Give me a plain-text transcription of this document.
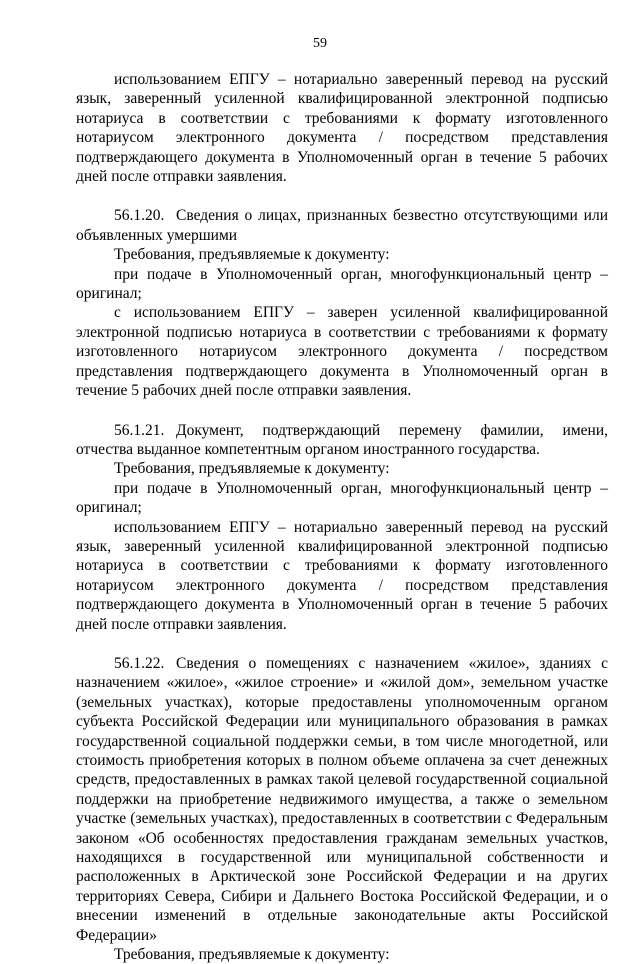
59

использованием ЕПГУ – нотариально заверенный перевод на русский язык, заверенный усиленной квалифицированной электронной подписью нотариуса в соответствии с требованиями к формату изготовленного нотариусом электронного документа / посредством представления подтверждающего документа в Уполномоченный орган в течение 5 рабочих дней после отправки заявления.

56.1.20. Сведения о лицах, признанных безвестно отсутствующими или объявленных умершими

Требования, предъявляемые к документу:

при подаче в Уполномоченный орган, многофункциональный центр – оригинал;

с использованием ЕПГУ – заверен усиленной квалифицированной электронной подписью нотариуса в соответствии с требованиями к формату изготовленного нотариусом электронного документа / посредством представления подтверждающего документа в Уполномоченный орган в течение 5 рабочих дней после отправки заявления.

56.1.21. Документ, подтверждающий перемену фамилии, имени, отчества выданное компетентным органом иностранного государства.

Требования, предъявляемые к документу:

при подаче в Уполномоченный орган, многофункциональный центр – оригинал;

использованием ЕПГУ – нотариально заверенный перевод на русский язык, заверенный усиленной квалифицированной электронной подписью нотариуса в соответствии с требованиями к формату изготовленного нотариусом электронного документа / посредством представления подтверждающего документа в Уполномоченный орган в течение 5 рабочих дней после отправки заявления.

56.1.22. Сведения о помещениях с назначением «жилое», зданиях с назначением «жилое», «жилое строение» и «жилой дом», земельном участке (земельных участках), которые предоставлены уполномоченным органом субъекта Российской Федерации или муниципального образования в рамках государственной социальной поддержки семьи, в том числе многодетной, или стоимость приобретения которых в полном объеме оплачена за счет денежных средств, предоставленных в рамках такой целевой государственной социальной поддержки на приобретение недвижимого имущества, а также о земельном участке (земельных участках), предоставленных в соответствии с Федеральным законом «Об особенностях предоставления гражданам земельных участков, находящихся в государственной или муниципальной собственности и расположенных в Арктической зоне Российской Федерации и на других территориях Севера, Сибири и Дальнего Востока Российской Федерации, и о внесении изменений в отдельные законодательные акты Российской Федерации»

Требования, предъявляемые к документу:
